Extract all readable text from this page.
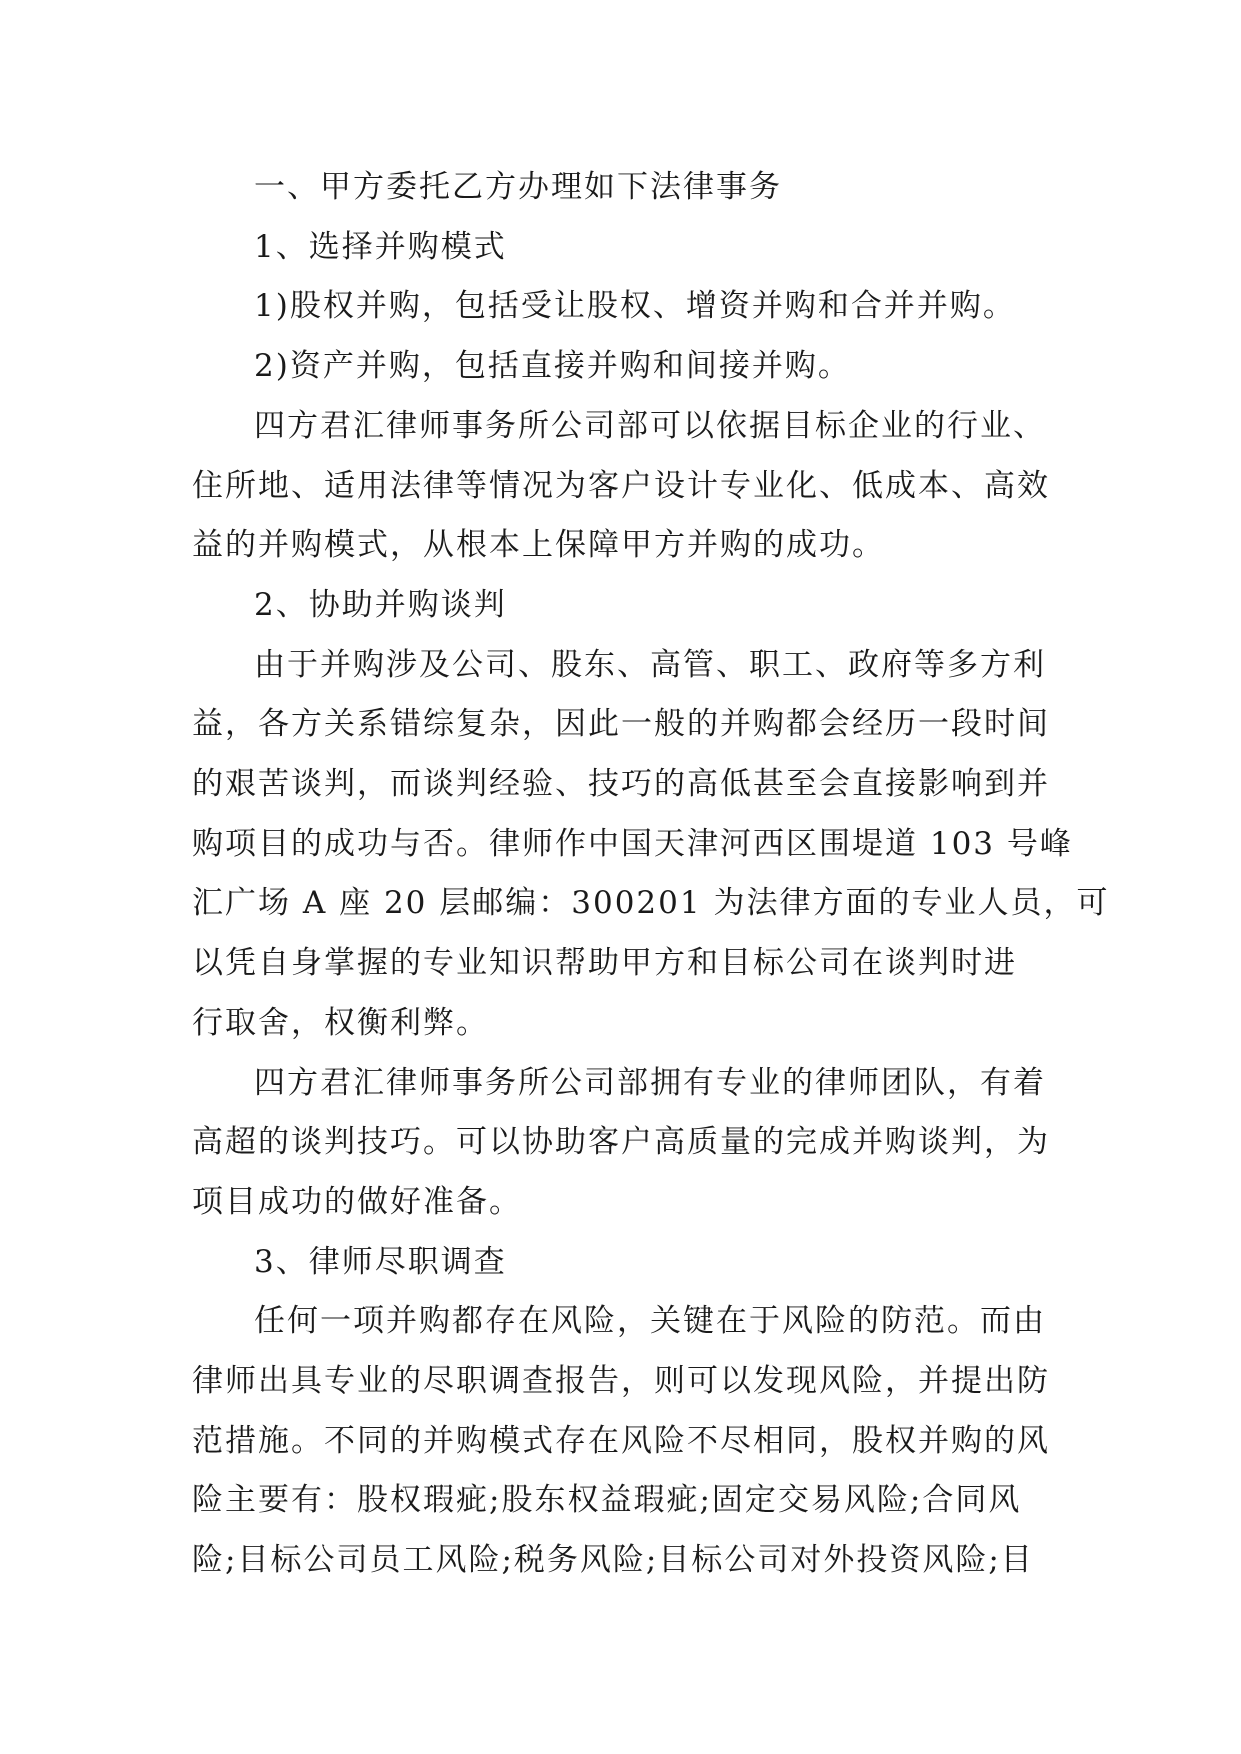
一、甲方委托乙方办理如下法律事务
1、选择并购模式
1)股权并购，包括受让股权、增资并购和合并并购。
2)资产并购，包括直接并购和间接并购。
四方君汇律师事务所公司部可以依据目标企业的行业、
住所地、适用法律等情况为客户设计专业化、低成本、高效
益的并购模式，从根本上保障甲方并购的成功。
2、协助并购谈判
由于并购涉及公司、股东、高管、职工、政府等多方利
益，各方关系错综复杂，因此一般的并购都会经历一段时间
的艰苦谈判，而谈判经验、技巧的高低甚至会直接影响到并
购项目的成功与否。律师作中国天津河西区围堤道 103 号峰
汇广场 A 座 20 层邮编：300201 为法律方面的专业人员，可
以凭自身掌握的专业知识帮助甲方和目标公司在谈判时进
行取舍，权衡利弊。
四方君汇律师事务所公司部拥有专业的律师团队，有着
高超的谈判技巧。可以协助客户高质量的完成并购谈判，为
项目成功的做好准备。
3、律师尽职调查
任何一项并购都存在风险，关键在于风险的防范。而由
律师出具专业的尽职调查报告，则可以发现风险，并提出防
范措施。不同的并购模式存在风险不尽相同，股权并购的风
险主要有：股权瑕疵;股东权益瑕疵;固定交易风险;合同风
险;目标公司员工风险;税务风险;目标公司对外投资风险;目
